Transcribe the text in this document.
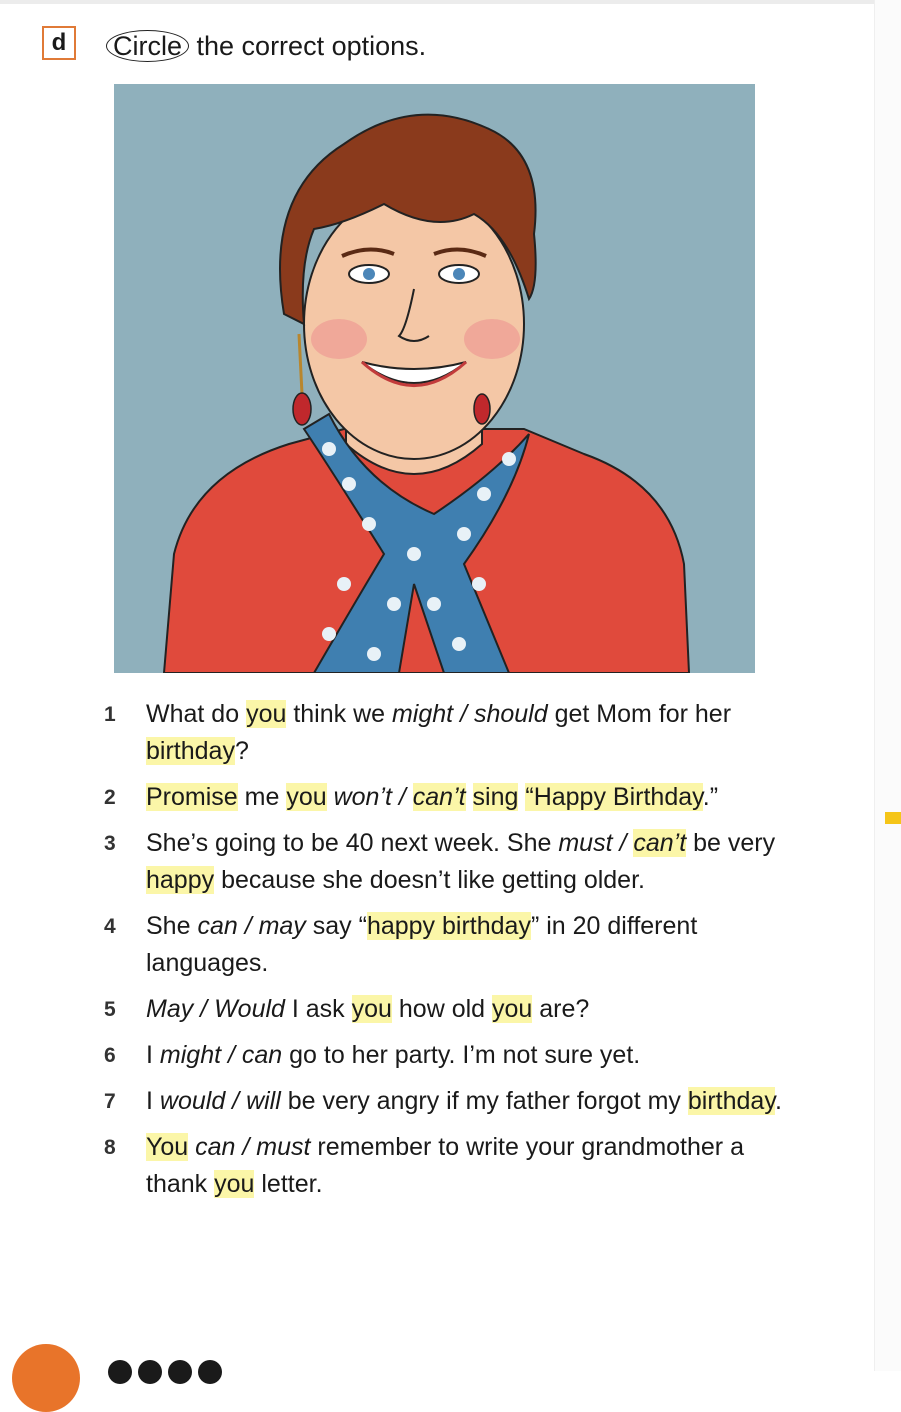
d Circle the correct options.
1	What do you think we might / should get Mom for her birthday?
2	Promise me you won’t / can’t sing “Happy Birthday.”
3	She’s going to be 40 next week. She must / can’t be very happy because she doesn’t like getting older.
4	She can / may say “happy birthday” in 20 different languages.
5	May / Would I ask you how old you are?
6	I might / can go to her party. I’m not sure yet.
7	I would / will be very angry if my father forgot my birthday.
8	You can / must remember to write your grandmother a thank you letter.
